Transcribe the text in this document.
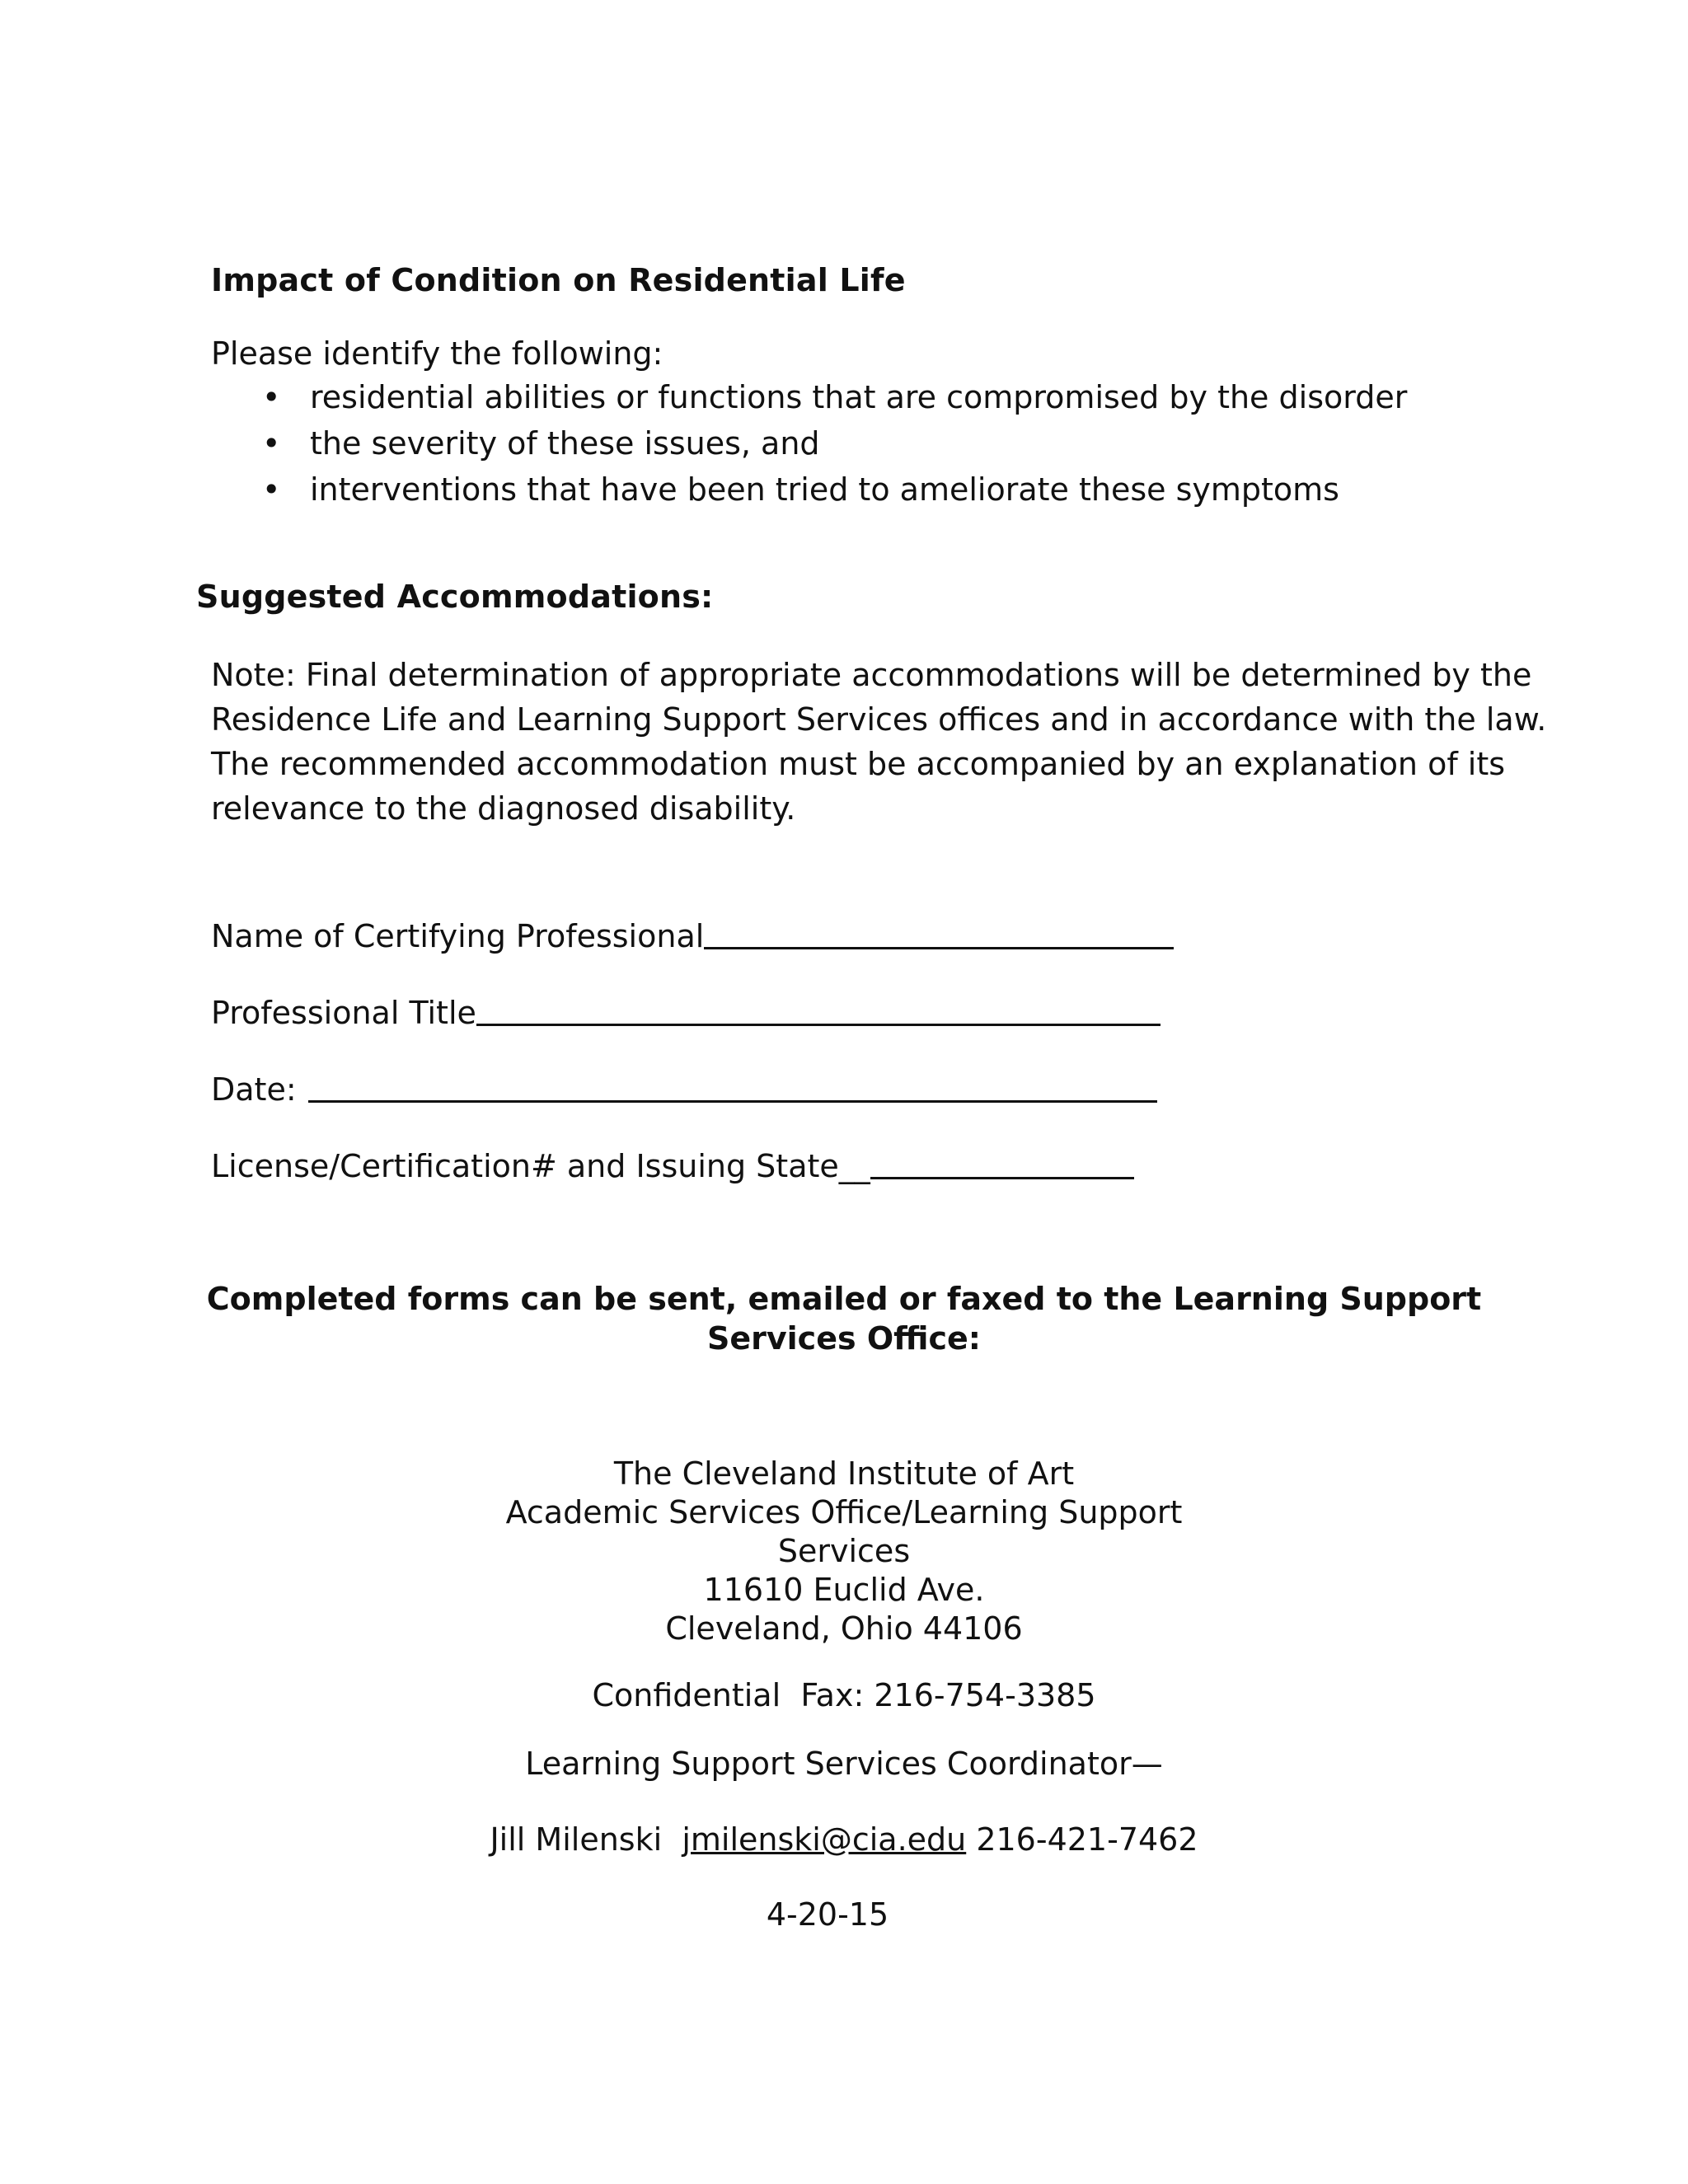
Impact of Condition on Residential Life
Please identify the following:
• residential abilities or functions that are compromised by the disorder
• the severity of these issues, and
• interventions that have been tried to ameliorate these symptoms
Suggested Accommodations:
Note: Final determination of appropriate accommodations will be determined by the
Residence Life and Learning Support Services offices and in accordance with the law.
The recommended accommodation must be accompanied by an explanation of its
relevance to the diagnosed disability.
Name of Certifying Professional
Professional Title
Date:
License/Certification# and Issuing State__
Completed forms can be sent, emailed or faxed to the Learning Support
Services Office:
The Cleveland Institute of Art
Academic Services Office/Learning Support
Services
11610 Euclid Ave.
Cleveland, Ohio 44106
Confidential  Fax: 216-754-3385
Learning Support Services Coordinator—
Jill Milenski jmilenski@cia.edu 216-421-7462
4-20-15
